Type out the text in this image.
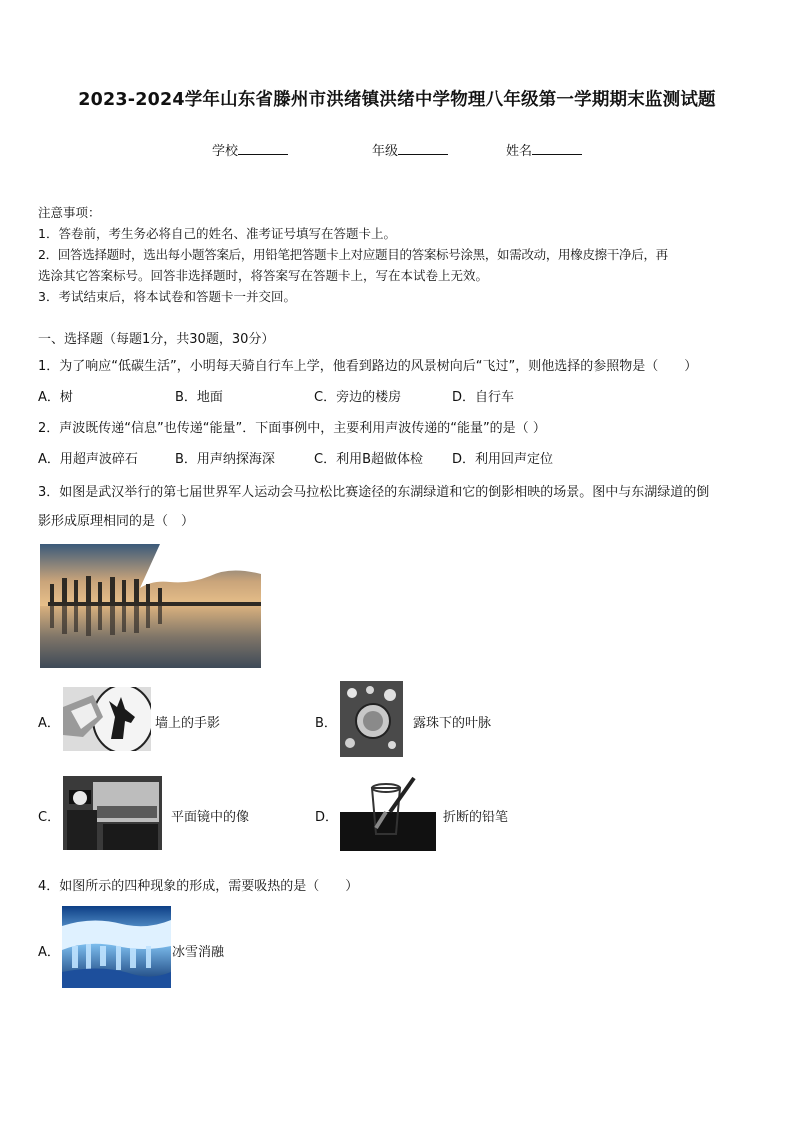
2023-2024学年山东省滕州市洪绪镇洪绪中学物理八年级第一学期期末监测试题
学校	年级	姓名
注意事项：
1．答卷前，考生务必将自己的姓名、准考证号填写在答题卡上。
2．回答选择题时，选出每小题答案后，用铅笔把答题卡上对应题目的答案标号涂黑，如需改动，用橡皮擦干净后，再
选涂其它答案标号。回答非选择题时，将答案写在答题卡上，写在本试卷上无效。
3．考试结束后，将本试卷和答题卡一并交回。
一、选择题（每题1分，共30题，30分）
1．为了响应“低碳生活”，小明每天骑自行车上学，他看到路边的风景树向后“飞过”，则他选择的参照物是（　　）
A．树	B．地面	C．旁边的楼房	D．自行车
2．声波既传递“信息”也传递“能量”．下面事例中，主要利用声波传递的“能量”的是（ ）
A．用超声波碎石	B．用声纳探海深	C．利用B超做体检 D．利用回声定位
3．如图是武汉举行的第七届世界军人运动会马拉松比赛途径的东湖绿道和它的倒影相映的场景。图中与东湖绿道的倒
影形成原理相同的是（　）
A．	墙上的手影	B．	露珠下的叶脉
C．	平面镜中的像	D．	折断的铅笔
4．如图所示的四种现象的形成，需要吸热的是（　　）
A．	冰雪消融
